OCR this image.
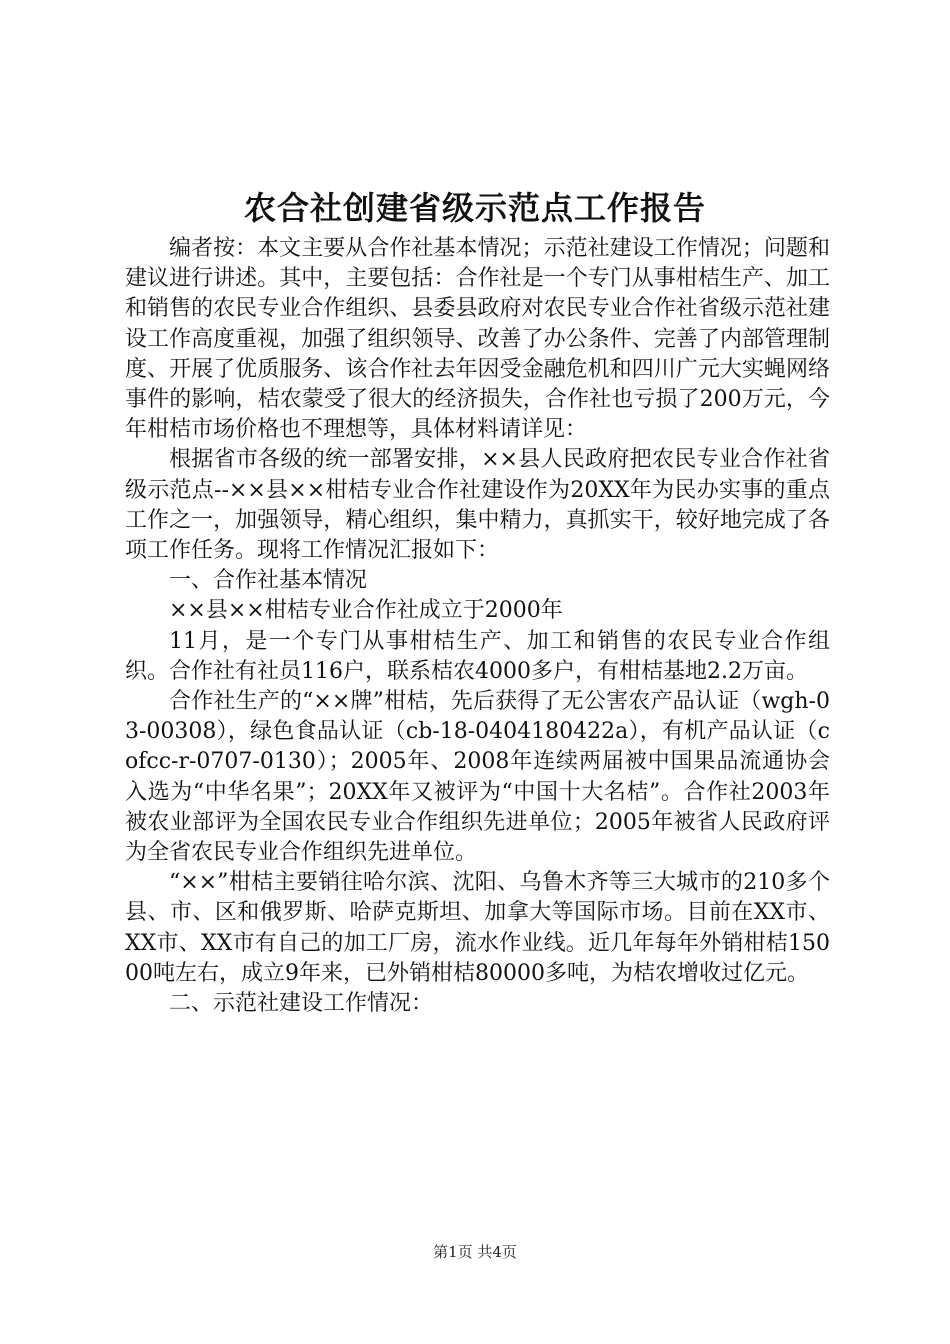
农合社创建省级示范点工作报告

编者按：本文主要从合作社基本情况；示范社建设工作情况；问题和建议进行讲述。其中，主要包括：合作社是一个专门从事柑桔生产、加工和销售的农民专业合作组织、县委县政府对农民专业合作社省级示范社建设工作高度重视，加强了组织领导、改善了办公条件、完善了内部管理制度、开展了优质服务、该合作社去年因受金融危机和四川广元大实蝇网络事件的影响，桔农蒙受了很大的经济损失，合作社也亏损了200万元，今年柑桔市场价格也不理想等，具体材料请详见：

根据省市各级的统一部署安排，××县人民政府把农民专业合作社省级示范点--××县××柑桔专业合作社建设作为20XX年为民办实事的重点工作之一，加强领导，精心组织，集中精力，真抓实干，较好地完成了各项工作任务。现将工作情况汇报如下：

一、合作社基本情况

××县××柑桔专业合作社成立于2000年

11月，是一个专门从事柑桔生产、加工和销售的农民专业合作组织。合作社有社员116户，联系桔农4000多户，有柑桔基地2.2万亩。

合作社生产的“××牌”柑桔，先后获得了无公害农产品认证（wgh-03-00308），绿色食品认证（cb-18-0404180422a），有机产品认证（cofcc-r-0707-0130）；2005年、2008年连续两届被中国果品流通协会入选为“中华名果”；20XX年又被评为“中国十大名桔”。合作社2003年被农业部评为全国农民专业合作组织先进单位；2005年被省人民政府评为全省农民专业合作组织先进单位。

“××”柑桔主要销往哈尔滨、沈阳、乌鲁木齐等三大城市的210多个县、市、区和俄罗斯、哈萨克斯坦、加拿大等国际市场。目前在XX市、XX市、XX市有自己的加工厂房，流水作业线。近几年每年外销柑桔15000吨左右，成立9年来，已外销柑桔80000多吨，为桔农增收过亿元。

二、示范社建设工作情况：

第1页 共4页
